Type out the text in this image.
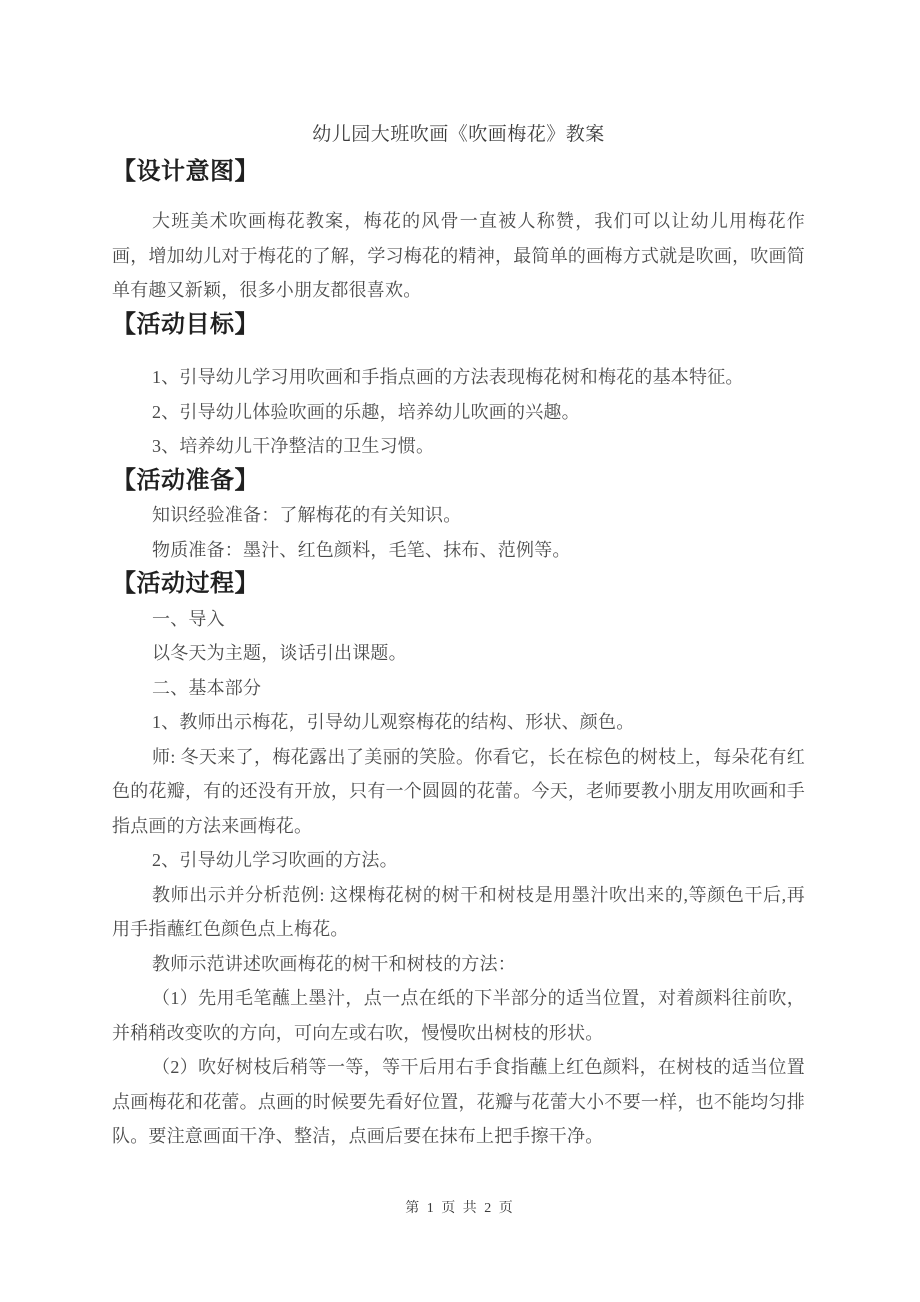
幼儿园大班吹画《吹画梅花》教案
【设计意图】

大班美术吹画梅花教案，梅花的风骨一直被人称赞，我们可以让幼儿用梅花作画，增加幼儿对于梅花的了解，学习梅花的精神，最简单的画梅方式就是吹画，吹画简单有趣又新颖，很多小朋友都很喜欢。

【活动目标】

1、引导幼儿学习用吹画和手指点画的方法表现梅花树和梅花的基本特征。

2、引导幼儿体验吹画的乐趣，培养幼儿吹画的兴趣。

3、培养幼儿干净整洁的卫生习惯。

【活动准备】

知识经验准备：了解梅花的有关知识。

物质准备：墨汁、红色颜料，毛笔、抹布、范例等。

【活动过程】

一、导入

以冬天为主题，谈话引出课题。

二、基本部分

1、教师出示梅花，引导幼儿观察梅花的结构、形状、颜色。

师: 冬天来了，梅花露出了美丽的笑脸。你看它，长在棕色的树枝上，每朵花有红色的花瓣，有的还没有开放，只有一个圆圆的花蕾。今天，老师要教小朋友用吹画和手指点画的方法来画梅花。

2、引导幼儿学习吹画的方法。

教师出示并分析范例: 这棵梅花树的树干和树枝是用墨汁吹出来的,等颜色干后,再用手指蘸红色颜色点上梅花。

教师示范讲述吹画梅花的树干和树枝的方法：

（1）先用毛笔蘸上墨汁，点一点在纸的下半部分的适当位置，对着颜料往前吹，并稍稍改变吹的方向，可向左或右吹，慢慢吹出树枝的形状。

（2）吹好树枝后稍等一等，等干后用右手食指蘸上红色颜料，在树枝的适当位置点画梅花和花蕾。点画的时候要先看好位置，花瓣与花蕾大小不要一样，也不能均匀排队。要注意画面干净、整洁，点画后要在抹布上把手擦干净。

第 1 页 共 2 页
